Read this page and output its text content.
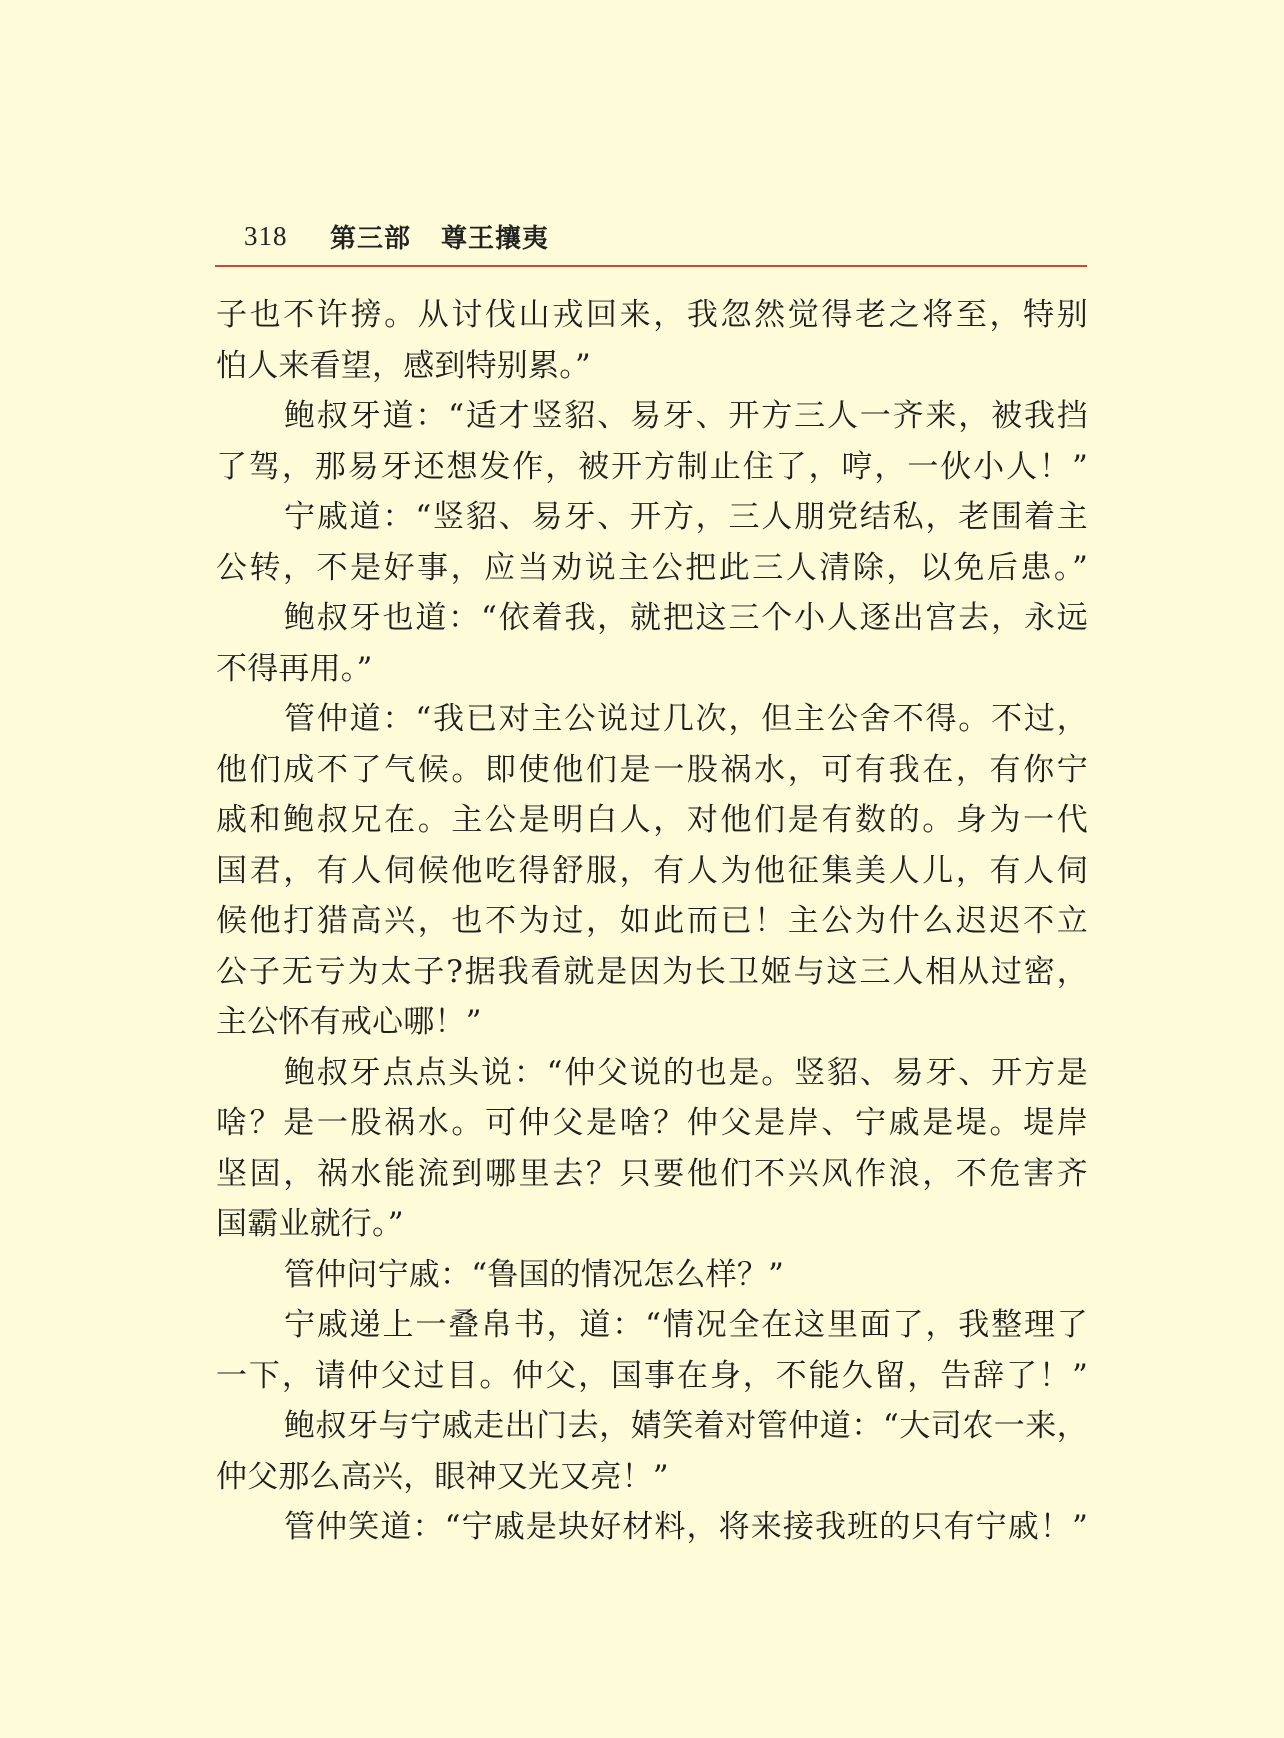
318	第三部 尊王攘夷
子也不许搒。从讨伐山戎回来，我忽然觉得老之将至，特别
怕人来看望，感到特别累。”
鲍叔牙道：“适才竖貂、易牙、开方三人一齐来，被我挡
了驾，那易牙还想发作，被开方制止住了，哼，一伙小人！”
宁戚道：“竖貂、易牙、开方，三人朋党结私，老围着主
公转，不是好事，应当劝说主公把此三人清除，以免后患。”
鲍叔牙也道：“依着我，就把这三个小人逐出宫去，永远
不得再用。”
管仲道：“我已对主公说过几次，但主公舍不得。不过，
他们成不了气候。即使他们是一股祸水，可有我在，有你宁
戚和鲍叔兄在。主公是明白人，对他们是有数的。身为一代
国君，有人伺候他吃得舒服，有人为他征集美人儿，有人伺
候他打猎高兴，也不为过，如此而已！主公为什么迟迟不立
公子无亏为太子?据我看就是因为长卫姬与这三人相从过密，
主公怀有戒心哪！”
鲍叔牙点点头说：“仲父说的也是。竖貂、易牙、开方是
啥？是一股祸水。可仲父是啥？仲父是岸、宁戚是堤。堤岸
坚固，祸水能流到哪里去？只要他们不兴风作浪，不危害齐
国霸业就行。”
管仲问宁戚：“鲁国的情况怎么样？”
宁戚递上一叠帛书，道：“情况全在这里面了，我整理了
一下，请仲父过目。仲父，国事在身，不能久留，告辞了！”
鲍叔牙与宁戚走出门去，婧笑着对管仲道：“大司农一来，
仲父那么高兴，眼神又光又亮！”
管仲笑道：“宁戚是块好材料，将来接我班的只有宁戚！”
